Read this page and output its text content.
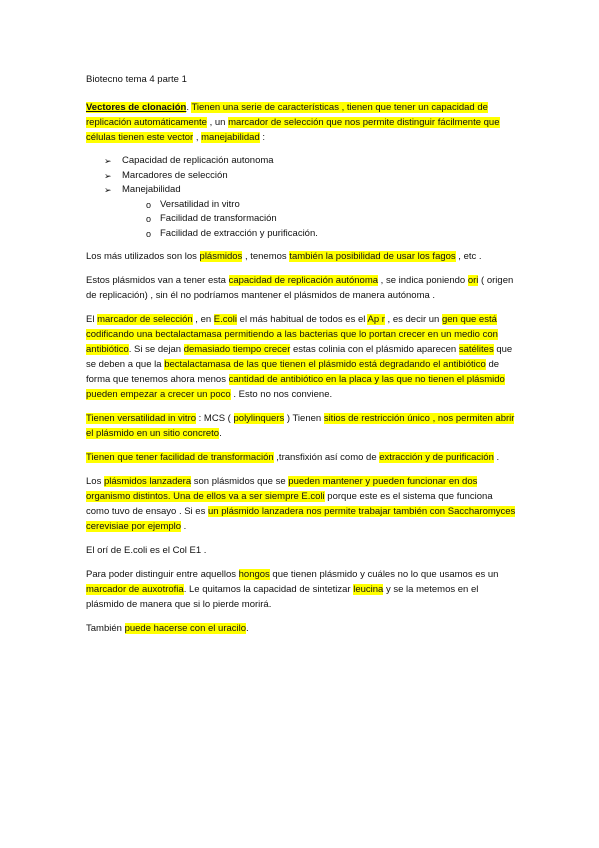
Biotecno tema 4 parte 1

Vectores de clonación. Tienen una serie de características , tienen que tener un capacidad de replicación automáticamente , un marcador de selección que nos permite distinguir fácilmente que células tienen este vector , manejabilidad :

➢ Capacidad de replicación autonoma
➢ Marcadores de selección
➢ Manejabilidad
o Versatilidad in vitro
o Facilidad de transformación
o Facilidad de extracción y purificación.

Los más utilizados son los plásmidos , tenemos también la posibilidad de usar los fagos , etc .

Estos plásmidos van a tener esta capacidad de replicación autónoma , se indica poniendo ori ( origen de replicación) , sin él no podríamos mantener el plásmidos de manera autónoma .

El marcador de selección , en E.coli el más habitual de todos es el Ap r , es decir un gen que está codificando una bectalactamasa permitiendo a las bacterias que lo portan crecer en un medio con antibiótico. Si se dejan demasiado tiempo crecer estas colinia con el plásmido aparecen satélites que se deben a que la bectalactamasa de las que tienen el plásmido está degradando el antibiótico de forma que tenemos ahora menos cantidad de antibiótico en la placa y las que no tienen el plásmido pueden empezar a crecer un poco . Esto no nos conviene.

Tienen versatilidad in vitro : MCS ( polylinquers ) Tienen sitios de restricción único , nos permiten abrir el plásmido en un sitio concreto.

Tienen que tener facilidad de transformación ,transfixión así como de extracción y de purificación .

Los plásmidos lanzadera son plásmidos que se pueden mantener y pueden funcionar en dos organismo distintos. Una de ellos va a ser siempre E.coli porque este es el sistema que funciona como tuvo de ensayo . Si es un plásmido lanzadera nos permite trabajar también con Saccharomyces cerevisiae por ejemplo .

El orí de E.coli es el Col E1 .

Para poder distinguir entre aquellos hongos que tienen plásmido y cuáles no lo que usamos es un marcador de auxotrofia. Le quitamos la capacidad de sintetizar leucina y se la metemos en el plásmido de manera que si lo pierde morirá.

También puede hacerse con el uracilo.
